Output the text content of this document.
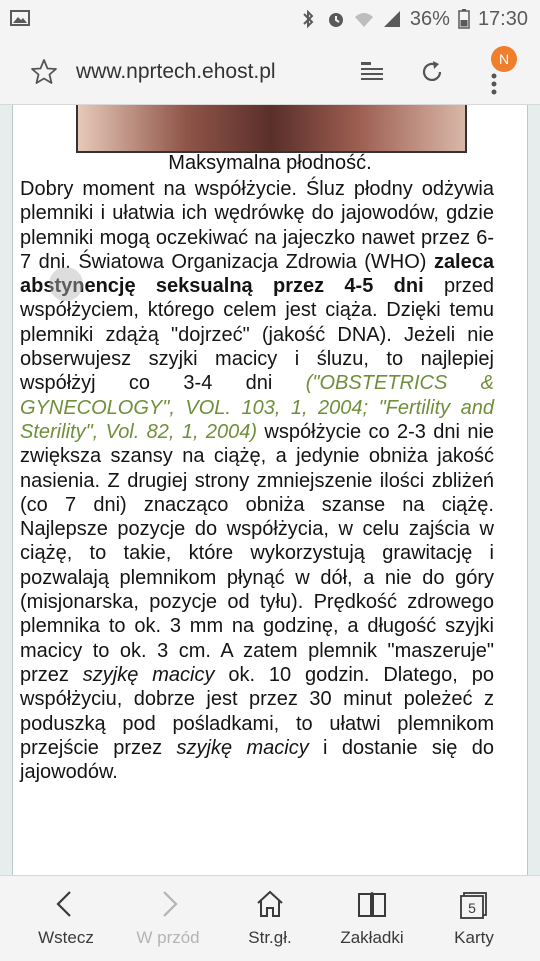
36% 17:30
www.nprtech.ehost.pl
N
Maksymalna płodność.
Dobry moment na współżycie. Śluz płodny odżywia plemniki i ułatwia ich wędrówkę do jajowodów, gdzie plemniki mogą oczekiwać na jajeczko nawet przez 6-7 dni. Światowa Organizacja Zdrowia (WHO) zaleca abstynencję seksualną przez 4-5 dni przed współżyciem, którego celem jest ciąża. Dzięki temu plemniki zdążą "dojrzeć" (jakość DNA). Jeżeli nie obserwujesz szyjki macicy i śluzu, to najlepiej współżyj co 3-4 dni ("OBSTETRICS & GYNECOLOGY", VOL. 103, 1, 2004; "Fertility and Sterility", Vol. 82, 1, 2004) współżycie co 2-3 dni nie zwiększa szansy na ciążę, a jedynie obniża jakość nasienia. Z drugiej strony zmniejszenie ilości zbliżeń (co 7 dni) znacząco obniża szanse na ciążę. Najlepsze pozycje do współżycia, w celu zajścia w ciążę, to takie, które wykorzystują grawitację i pozwalają plemnikom płynąć w dół, a nie do góry (misjonarska, pozycje od tyłu). Prędkość zdrowego plemnika to ok. 3 mm na godzinę, a długość szyjki macicy to ok. 3 cm. A zatem plemnik "maszeruje" przez szyjkę macicy ok. 10 godzin. Dlatego, po współżyciu, dobrze jest przez 30 minut poleżeć z poduszką pod pośladkami, to ułatwi plemnikom przejście przez szyjkę macicy i dostanie się do jajowodów.
Wstecz	W przód	Str.gł.	Zakładki
5
Karty
